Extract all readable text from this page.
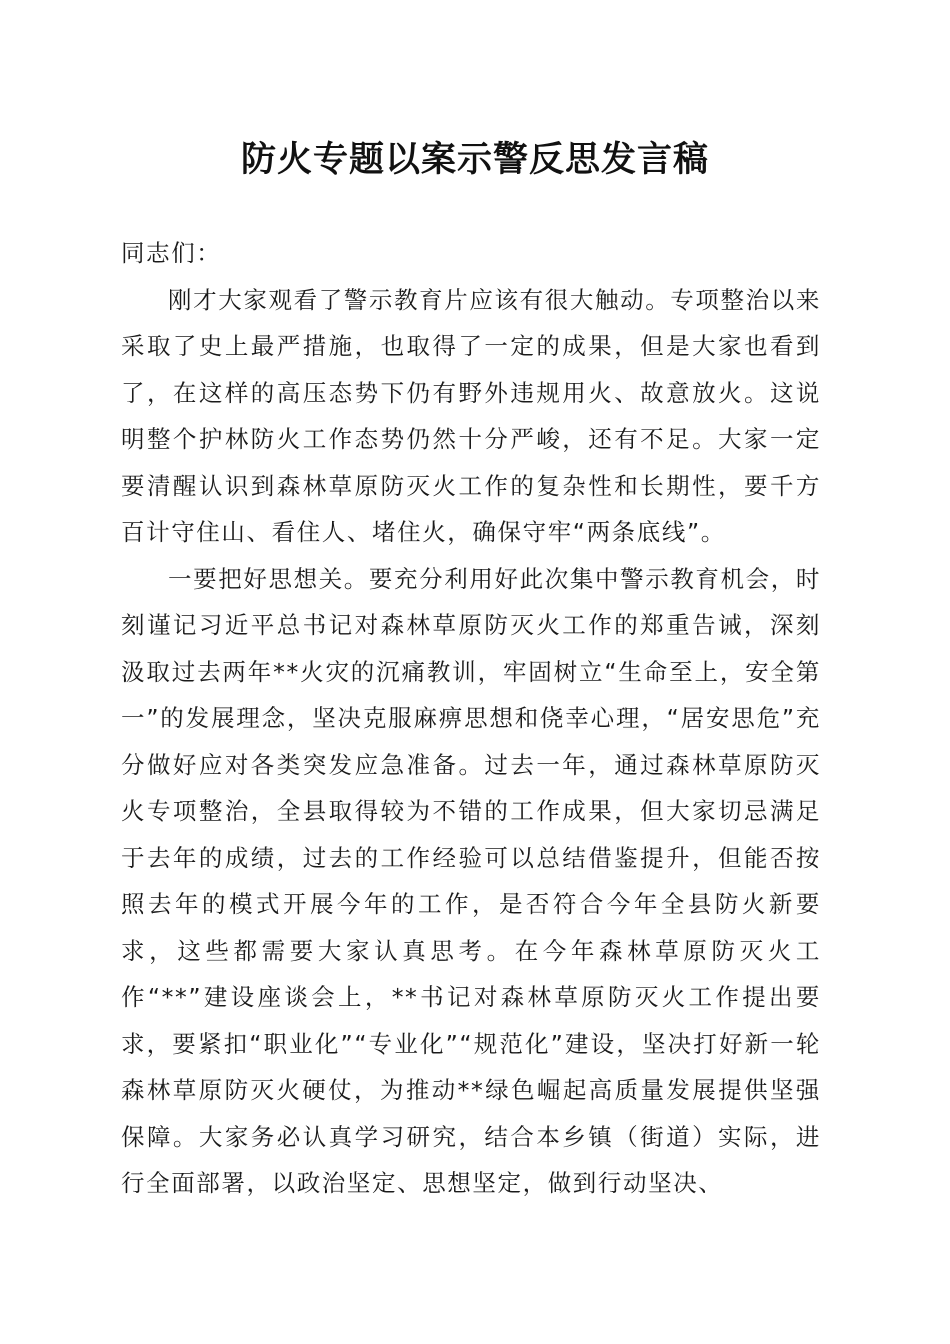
防火专题以案示警反思发言稿

同志们：

刚才大家观看了警示教育片应该有很大触动。专项整治以来采取了史上最严措施，也取得了一定的成果，但是大家也看到了，在这样的高压态势下仍有野外违规用火、故意放火。这说明整个护林防火工作态势仍然十分严峻，还有不足。大家一定要清醒认识到森林草原防灭火工作的复杂性和长期性，要千方百计守住山、看住人、堵住火，确保守牢“两条底线”。

一要把好思想关。要充分利用好此次集中警示教育机会，时刻谨记习近平总书记对森林草原防灭火工作的郑重告诫，深刻汲取过去两年**火灾的沉痛教训，牢固树立“生命至上，安全第一”的发展理念，坚决克服麻痹思想和侥幸心理，“居安思危”充分做好应对各类突发应急准备。过去一年，通过森林草原防灭火专项整治，全县取得较为不错的工作成果，但大家切忌满足于去年的成绩，过去的工作经验可以总结借鉴提升，但能否按照去年的模式开展今年的工作，是否符合今年全县防火新要求，这些都需要大家认真思考。在今年森林草原防灭火工作“**”建设座谈会上，**书记对森林草原防灭火工作提出要求，要紧扣“职业化”“专业化”“规范化”建设，坚决打好新一轮森林草原防灭火硬仗，为推动**绿色崛起高质量发展提供坚强保障。大家务必认真学习研究，结合本乡镇（街道）实际，进行全面部署，以政治坚定、思想坚定，做到行动坚决、
